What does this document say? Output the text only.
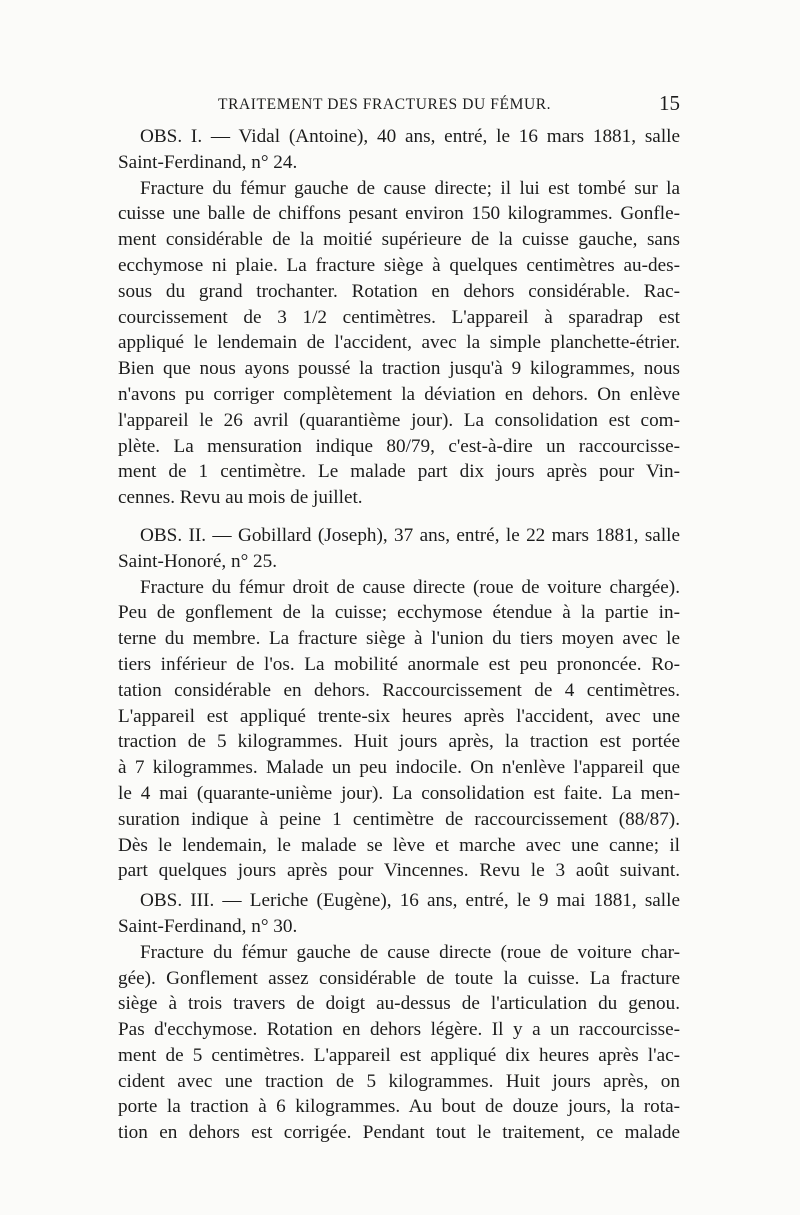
TRAITEMENT DES FRACTURES DU FÉMUR.	15
OBS. I. — Vidal (Antoine), 40 ans, entré, le 16 mars 1881, salle
Saint-Ferdinand, n° 24.
Fracture du fémur gauche de cause directe; il lui est tombé sur la
cuisse une balle de chiffons pesant environ 150 kilogrammes. Gonfle-
ment considérable de la moitié supérieure de la cuisse gauche, sans
ecchymose ni plaie. La fracture siège à quelques centimètres au-des-
sous du grand trochanter. Rotation en dehors considérable. Rac-
courcissement de 3 1/2 centimètres. L'appareil à sparadrap est
appliqué le lendemain de l'accident, avec la simple planchette-étrier.
Bien que nous ayons poussé la traction jusqu'à 9 kilogrammes, nous
n'avons pu corriger complètement la déviation en dehors. On enlève
l'appareil le 26 avril (quarantième jour). La consolidation est com-
plète. La mensuration indique 80/79, c'est-à-dire un raccourcisse-
ment de 1 centimètre. Le malade part dix jours après pour Vin-
cennes. Revu au mois de juillet.
OBS. II. — Gobillard (Joseph), 37 ans, entré, le 22 mars 1881, salle
Saint-Honoré, n° 25.
Fracture du fémur droit de cause directe (roue de voiture chargée).
Peu de gonflement de la cuisse; ecchymose étendue à la partie in-
terne du membre. La fracture siège à l'union du tiers moyen avec le
tiers inférieur de l'os. La mobilité anormale est peu prononcée. Ro-
tation considérable en dehors. Raccourcissement de 4 centimètres.
L'appareil est appliqué trente-six heures après l'accident, avec une
traction de 5 kilogrammes. Huit jours après, la traction est portée
à 7 kilogrammes. Malade un peu indocile. On n'enlève l'appareil que
le 4 mai (quarante-unième jour). La consolidation est faite. La men-
suration indique à peine 1 centimètre de raccourcissement (88/87).
Dès le lendemain, le malade se lève et marche avec une canne; il
part quelques jours après pour Vincennes. Revu le 3 août suivant.
OBS. III. — Leriche (Eugène), 16 ans, entré, le 9 mai 1881, salle
Saint-Ferdinand, n° 30.
Fracture du fémur gauche de cause directe (roue de voiture char-
gée). Gonflement assez considérable de toute la cuisse. La fracture
siège à trois travers de doigt au-dessus de l'articulation du genou.
Pas d'ecchymose. Rotation en dehors légère. Il y a un raccourcisse-
ment de 5 centimètres. L'appareil est appliqué dix heures après l'ac-
cident avec une traction de 5 kilogrammes. Huit jours après, on
porte la traction à 6 kilogrammes. Au bout de douze jours, la rota-
tion en dehors est corrigée. Pendant tout le traitement, ce malade
